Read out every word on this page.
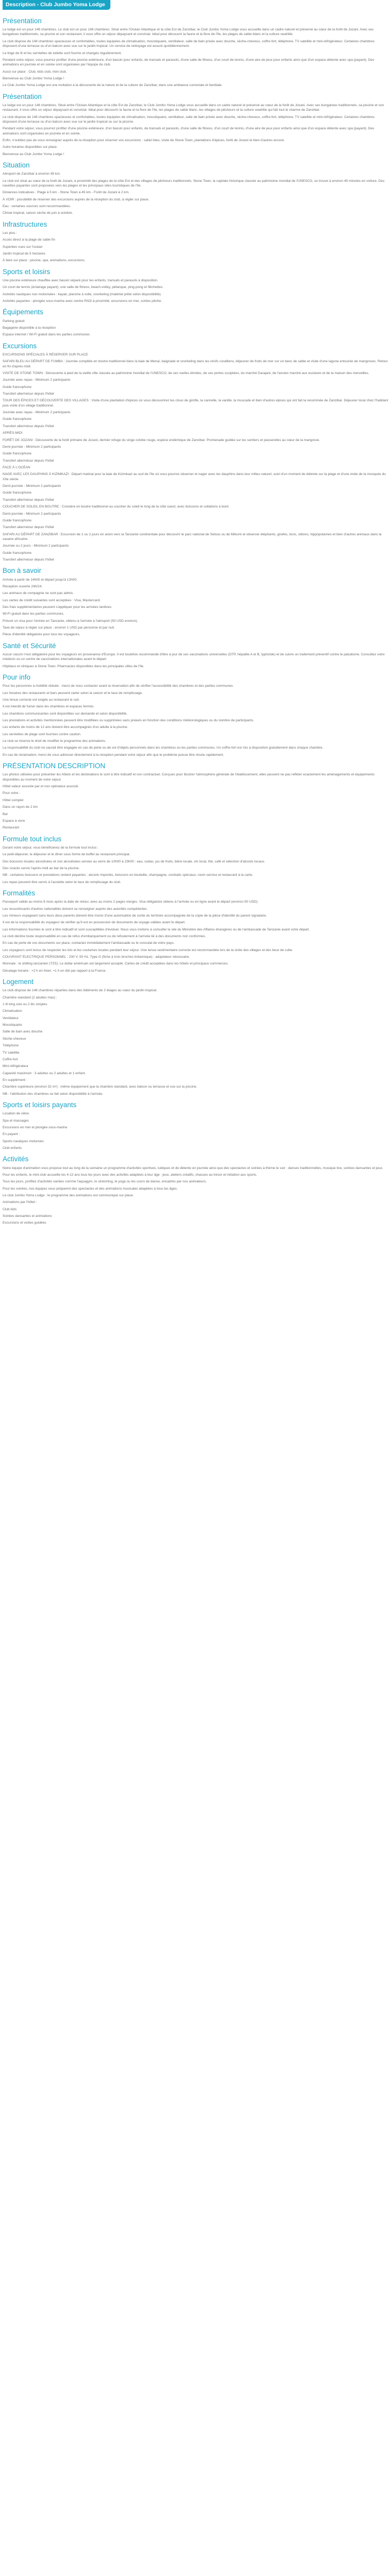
Description - Club Jumbo Yoma Lodge
Présentation

Le lodge est un pour 148 chambres. Le club est un pour 148 chambres. Situé entre l'Océan Atlantique et la côte Est de Zanzibar, le Club Jumbo Yoma Lodge vous accueille dans un cadre naturel et préservé au cœur de la forêt de Jozani. Avec ses bungalows traditionnels, sa piscine et son restaurant, il vous offre un séjour dépaysant et convivial. Idéal pour découvrir la faune et la flore de l'île, les plages de sable blanc et la culture swahilie.

Le club dispose de 148 chambres spacieuses et confortables, toutes équipées de climatisation, moustiquaire, ventilateur, salle de bain privée avec douche, sèche-cheveux, coffre-fort, téléphone, TV satellite et mini-réfrigérateur. Certaines chambres disposent d'une terrasse ou d'un balcon avec vue sur le jardin tropical. Un service de nettoyage est assuré quotidiennement.

Le linge de lit et les serviettes de toilette sont fournis et changés régulièrement.

Pendant votre séjour, vous pourrez profiter d'une piscine extérieure, d'un bassin pour enfants, de transats et parasols, d'une salle de fitness, d'un court de tennis, d'une aire de jeux pour enfants ainsi que d'un espace détente avec spa (payant). Des animations en journée et en soirée sont organisées par l'équipe du club.

Aussi sur place : Club, kids club, mini club.

Bienvenue au Club Jumbo Yoma Lodge !

Le Club Jumbo Yoma Lodge est une invitation à la découverte de la nature et de la culture de Zanzibar, dans une ambiance conviviale et familiale.

Présentation

Le lodge est un pour 148 chambres. Situé entre l'Océan Atlantique et la côte Est de Zanzibar, le Club Jumbo Yoma Lodge vous accueille dans un cadre naturel et préservé au cœur de la forêt de Jozani. Avec ses bungalows traditionnels, sa piscine et son restaurant, il vous offre un séjour dépaysant et convivial. Idéal pour découvrir la faune et la flore de l'île, les plages de sable blanc, les villages de pêcheurs et la culture swahilie qui fait tout le charme de Zanzibar.

Le club dispose de 148 chambres spacieuses et confortables, toutes équipées de climatisation, moustiquaire, ventilateur, salle de bain privée avec douche, sèche-cheveux, coffre-fort, téléphone, TV satellite et mini-réfrigérateur. Certaines chambres disposent d'une terrasse ou d'un balcon avec vue sur le jardin tropical ou sur la piscine.

Pendant votre séjour, vous pourrez profiter d'une piscine extérieure, d'un bassin pour enfants, de transats et parasols, d'une salle de fitness, d'un court de tennis, d'une aire de jeux pour enfants ainsi que d'un espace détente avec spa (payant). Des animations sont organisées en journée et en soirée.

Enfin, n'oubliez pas de vous renseigner auprès de la réception pour réserver vos excursions : safari bleu, visite de Stone Town, plantations d'épices, forêt de Jozani et bien d'autres encore.

Autre horaires disponibles sur place.

Bienvenue au Club Jumbo Yoma Lodge !

Situation

Aéroport de Zanzibar à environ 45 km.

Le club est situé au cœur de la forêt de Jozani, à proximité des plages de la côte Est et des villages de pêcheurs traditionnels. Stone Town, la capitale historique classée au patrimoine mondial de l'UNESCO, se trouve à environ 45 minutes en voiture. Des navettes payantes sont proposées vers les plages et les principaux sites touristiques de l'île.

Distances indicatives : Plage à 5 km - Stone Town à 45 km - Forêt de Jozani à 2 km.

À VOIR : possibilité de réserver des excursions auprès de la réception du club, à régler sur place.

Eau : certaines sources sont recommandées.

Climat tropical, saison sèche de juin à octobre.

Infrastructures

Les plus :

Accès direct à la plage de sable fin

Superbes vues sur l'océan

Jardin tropical de 5 hectares

À faire sur place : piscine, spa, animations, excursions.

Sports et loisirs

Une piscine extérieure chauffée avec bassin séparé pour les enfants, transats et parasols à disposition.

Un court de tennis (éclairage payant), une salle de fitness, beach-volley, pétanque, ping-pong et fléchettes.

Activités nautiques non motorisées : kayak, planche à voile, snorkeling (matériel prêté selon disponibilité).

Activités payantes : plongée sous-marine avec centre PADI à proximité, excursions en mer, sorties pêche.

Équipements

Parking gratuit

Bagagerie disponible à la réception

Espace internet / Wi-Fi gratuit dans les parties communes

Excursions

EXCURSIONS SPÉCIALES À RÉSERVER SUR PLACE

SAFARI BLEU AU DÉPART DE FUMBA : Journée complète en boutre traditionnel dans la baie de Menai, baignade et snorkeling dans les récifs coralliens, déjeuner de fruits de mer sur un banc de sable et visite d'une lagune entourée de mangroves. Retour en fin d'après-midi.

VISITE DE STONE TOWN : Découverte à pied de la vieille ville classée au patrimoine mondial de l'UNESCO, de ses ruelles étroites, de ses portes sculptées, du marché Darajani, de l'ancien marché aux esclaves et de la maison des merveilles.

Journée avec repas - Minimum 2 participants

Guide francophone

Transfert aller/retour depuis l'hôtel

TOUR DES ÉPICES ET DÉCOUVERTE DES VILLAGES : Visite d'une plantation d'épices où vous découvrirez les clous de girofle, la cannelle, la vanille, la muscade et bien d'autres épices qui ont fait la renommée de Zanzibar. Déjeuner local chez l'habitant puis visite d'un village traditionnel.

Journée avec repas - Minimum 2 participants

Guide francophone

Transfert aller/retour depuis l'hôtel

APRÈS-MIDI

FORÊT DE JOZANI : Découverte de la forêt primaire de Jozani, dernier refuge du singe colobe rouge, espèce endémique de Zanzibar. Promenade guidée sur les sentiers et passerelles au cœur de la mangrove.

Demi-journée - Minimum 2 participants

Guide francophone

Transfert aller/retour depuis l'hôtel

FACE À L'OCÉAN

NAGE AVEC LES DAUPHINS À KIZIMKAZI : Départ matinal pour la baie de Kizimkazi au sud de l'île où vous pourrez observer et nager avec les dauphins dans leur milieu naturel, suivi d'un moment de détente sur la plage et d'une visite de la mosquée du XIIe siècle.

Demi-journée - Minimum 2 participants

Guide francophone

Transfert aller/retour depuis l'hôtel

COUCHER DE SOLEIL EN BOUTRE : Croisière en boutre traditionnel au coucher du soleil le long de la côte ouest, avec boissons et collations à bord.

Demi-journée - Minimum 2 participants

Guide francophone

Transfert aller/retour depuis l'hôtel

SAFARI AU DÉPART DE ZANZIBAR : Excursion de 1 ou 2 jours en avion vers la Tanzanie continentale pour découvrir le parc national de Selous ou de Mikumi et observer éléphants, girafes, lions, zèbres, hippopotames et bien d'autres animaux dans la savane africaine.

Journée ou 2 jours - Minimum 2 participants

Guide francophone

Transfert aller/retour depuis l'hôtel

Bon à savoir

Arrivée à partir de 14h00 et départ jusqu'à 12h00.

Réception ouverte 24h/24.

Les animaux de compagnie ne sont pas admis.

Les cartes de crédit suivantes sont acceptées : Visa, Mastercard.

Des frais supplémentaires peuvent s'appliquer pour les arrivées tardives.

Wi-Fi gratuit dans les parties communes.

Prévoir un visa pour l'entrée en Tanzanie, obtenu à l'arrivée à l'aéroport (50 USD environ).

Taxe de séjour à régler sur place : environ 1 USD par personne et par nuit.

Pièce d'identité obligatoire pour tous les voyageurs.

Santé et Sécurité

Aucun vaccin n'est obligatoire pour les voyageurs en provenance d'Europe. Il est toutefois recommandé d'être à jour de ses vaccinations universelles (DTP, hépatite A et B, typhoïde) et de suivre un traitement préventif contre le paludisme. Consultez votre médecin ou un centre de vaccinations internationales avant le départ.

Hôpitaux et cliniques à Stone Town. Pharmacies disponibles dans les principales villes de l'île.

Pour info

Pour les personnes à mobilité réduite : merci de nous contacter avant la réservation afin de vérifier l'accessibilité des chambres et des parties communes.

Les horaires des restaurants et bars peuvent varier selon la saison et le taux de remplissage.

Une tenue correcte est exigée au restaurant le soir.

Il est interdit de fumer dans les chambres et espaces fermés.

Les chambres communicantes sont disponibles sur demande et selon disponibilité.

Les prestations et activités mentionnées peuvent être modifiées ou supprimées sans préavis en fonction des conditions météorologiques ou du nombre de participants.

Les enfants de moins de 12 ans doivent être accompagnés d'un adulte à la piscine.

Les serviettes de plage sont fournies contre caution.

Le club se réserve le droit de modifier le programme des animations.

La responsabilité du club ne saurait être engagée en cas de perte ou de vol d'objets personnels dans les chambres ou les parties communes. Un coffre-fort est mis à disposition gratuitement dans chaque chambre.

En cas de réclamation, merci de vous adresser directement à la réception pendant votre séjour afin que le problème puisse être résolu rapidement.

PRÉSENTATION DESCRIPTION

Les photos utilisées pour présenter les hôtels et les destinations le sont à titre indicatif et non contractuel. Conçues pour illustrer l'atmosphère générale de l'établissement, elles peuvent ne pas refléter exactement les aménagements et équipements disponibles au moment de votre séjour.

Hôtel valeur assurée par et non opérateur associé.

Pour votre :

Hôtel complet

Dans un rayon de 2 km

Bar

Espace à vivre

Restaurant

Formule tout inclus

Durant votre séjour, vous bénéficierez de la formule tout inclus :

Le petit-déjeuner, le déjeuner et le dîner sous forme de buffet au restaurant principal.

Des boissons locales alcoolisées et non alcoolisées servies au verre de 10h00 à 23h00 : eau, sodas, jus de fruits, bière locale, vin local, thé, café et sélection d'alcools locaux.

Des snacks servis l'après-midi au bar de la piscine.

NB : certaines boissons et prestations restent payantes : alcools importés, boissons en bouteille, champagne, cocktails spéciaux, room service et restaurant à la carte.

Les repas peuvent être servis à l'assiette selon le taux de remplissage du club.

Formalités

Passeport valide au moins 6 mois après la date de retour, avec au moins 2 pages vierges. Visa obligatoire obtenu à l'arrivée ou en ligne avant le départ (environ 50 USD).

Les ressortissants d'autres nationalités doivent se renseigner auprès des autorités compétentes.

Les mineurs voyageant sans leurs deux parents doivent être munis d'une autorisation de sortie du territoire accompagnée de la copie de la pièce d'identité du parent signataire.

Il est de la responsabilité du voyageur de vérifier qu'il est en possession de documents de voyage valides avant le départ.

Les informations fournies le sont à titre indicatif et sont susceptibles d'évoluer. Nous vous invitons à consulter le site du Ministère des Affaires étrangères ou de l'ambassade de Tanzanie avant votre départ.

Le club décline toute responsabilité en cas de refus d'embarquement ou de refoulement à l'arrivée lié à des documents non conformes.

En cas de perte de vos documents sur place, contactez immédiatement l'ambassade ou le consulat de votre pays.

Les voyageurs sont tenus de respecter les lois et les coutumes locales pendant leur séjour. Une tenue vestimentaire correcte est recommandée lors de la visite des villages et des lieux de culte.

COUVRANT ÉLECTRIQUE PERSONNEL : 230 V, 50 Hz. Type G (fiche à trois broches britannique) : adaptateur nécessaire.

Monnaie : le shilling tanzanien (TZS). Le dollar américain est largement accepté. Cartes de crédit acceptées dans les hôtels et principaux commerces.

Décalage horaire : +2 h en hiver, +1 h en été par rapport à la France.

Logement

Le club dispose de 148 chambres réparties dans des bâtiments de 2 étages au cœur du jardin tropical.

Chambre standard (2 adultes max) :

1 lit king size ou 2 lits simples

Climatisation

Ventilateur

Moustiquaire

Salle de bain avec douche

Sèche-cheveux

Téléphone

TV satellite

Coffre-fort

Mini-réfrigérateur

Capacité maximum : 3 adultes ou 2 adultes et 1 enfant.

En supplément :

Chambre supérieure (environ 32 m²) : même équipement que la chambre standard, avec balcon ou terrasse et vue sur la piscine.

NB : l'attribution des chambres se fait selon disponibilité à l'arrivée.

Sports et loisirs payants

Location de vélos

Spa et massages

Excursions en mer et plongée sous-marine

En payant :

Sports nautiques motorisés

Club enfants

Activités

Notre équipe d'animation vous propose tout au long de la semaine un programme d'activités sportives, ludiques et de détente en journée ainsi que des spectacles et soirées à thème le soir : danses traditionnelles, musique live, soirées dansantes et jeux.

Pour les enfants, le mini-club accueille les 4-12 ans tous les jours avec des activités adaptées à leur âge : jeux, ateliers créatifs, chasses au trésor et initiation aux sports.

Tous les jours, profitez d'activités variées comme l'aquagym, le stretching, le yoga ou les cours de danse, encadrés par nos animateurs.

Pour les soirées, nos équipes vous préparent des spectacles et des animations musicales adaptées à tous les âges.

Le club Jumbo Yoma Lodge : le programme des animations est communiqué sur place.

Animations par l'hôtel :

Club kids

Soirées dansantes et animations

Excursions et visites guidées
